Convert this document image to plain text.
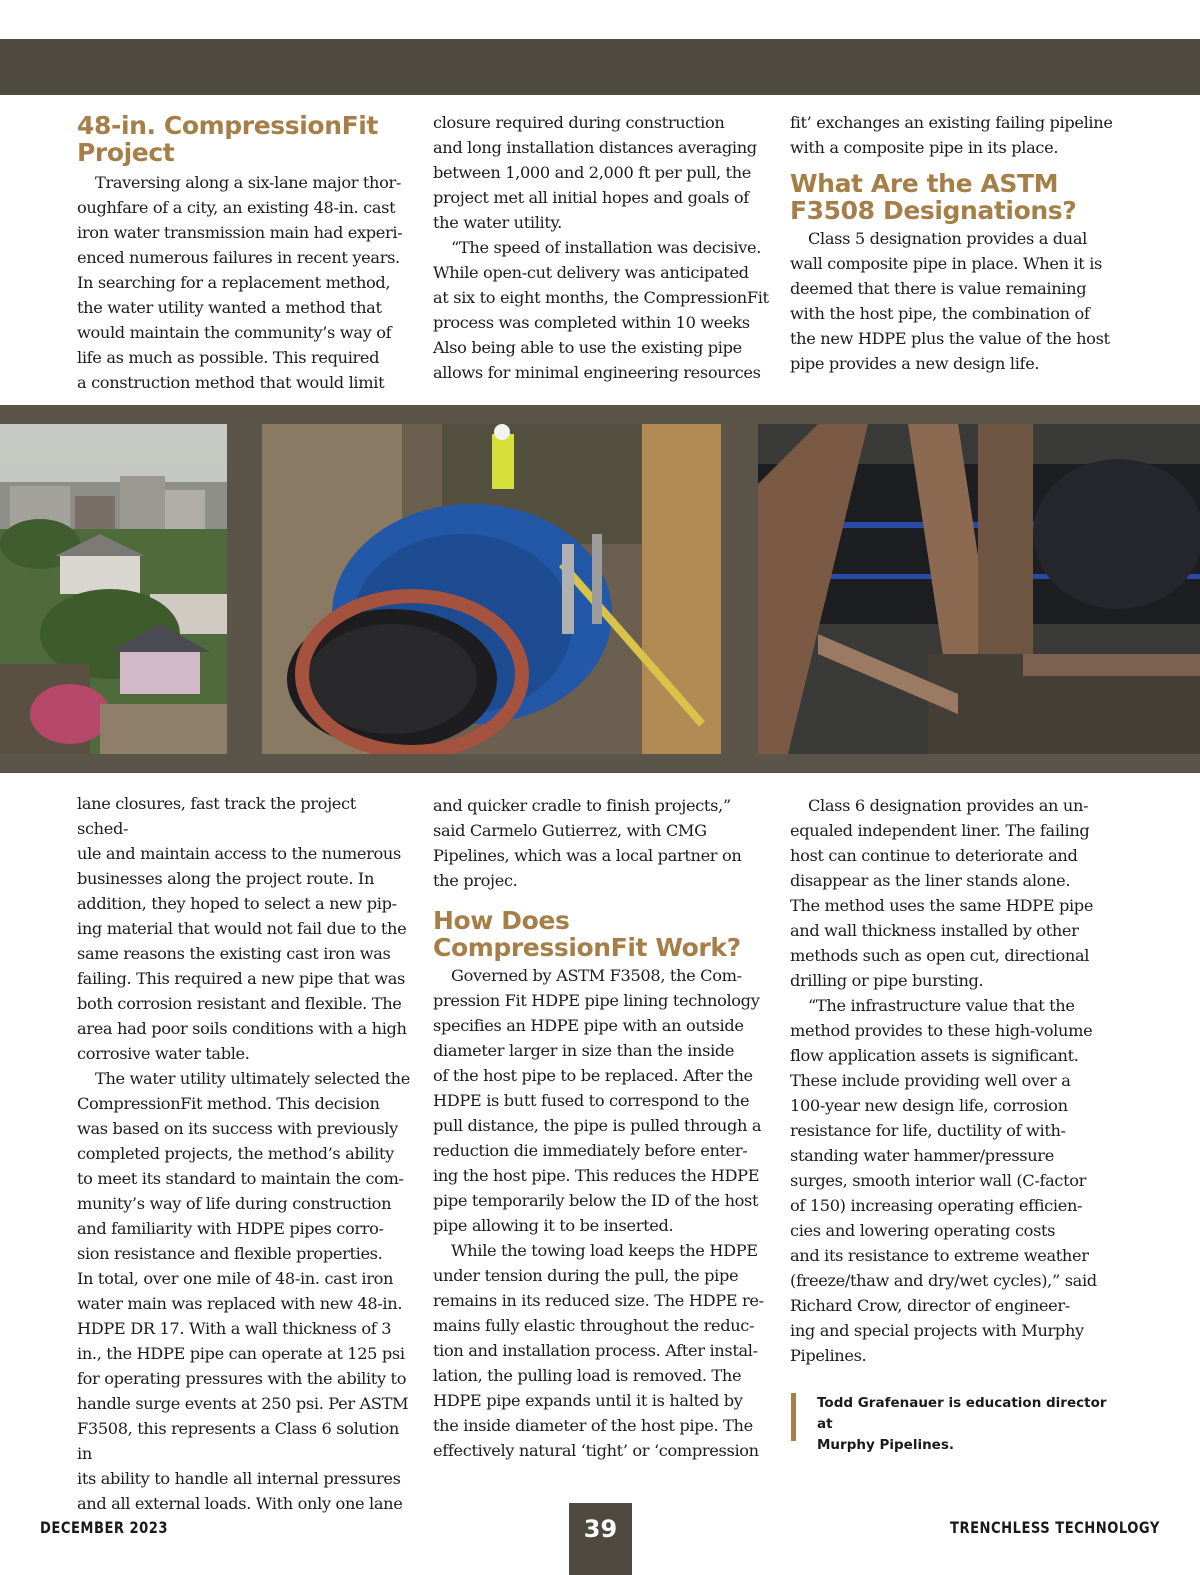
48-in. CompressionFit Project

Traversing along a six-lane major thor-
oughfare of a city, an existing 48-in. cast
iron water transmission main had experi-
enced numerous failures in recent years.
In searching for a replacement method,
the water utility wanted a method that
would maintain the community’s way of
life as much as possible. This required
a construction method that would limit
closure required during construction
and long installation distances averaging
between 1,000 and 2,000 ft per pull, the
project met all initial hopes and goals of
the water utility.
“The speed of installation was decisive.
While open-cut delivery was anticipated
at six to eight months, the CompressionFit
process was completed within 10 weeks
Also being able to use the existing pipe
allows for minimal engineering resources
fit’ exchanges an existing failing pipeline
with a composite pipe in its place.

What Are the ASTM F3508 Designations?

Class 5 designation provides a dual
wall composite pipe in place. When it is
deemed that there is value remaining
with the host pipe, the combination of
the new HDPE plus the value of the host
pipe provides a new design life.
lane closures, fast track the project sched-
ule and maintain access to the numerous
businesses along the project route. In
addition, they hoped to select a new pip-
ing material that would not fail due to the
same reasons the existing cast iron was
failing. This required a new pipe that was
both corrosion resistant and flexible. The
area had poor soils conditions with a high
corrosive water table.
The water utility ultimately selected the
CompressionFit method. This decision
was based on its success with previously
completed projects, the method’s ability
to meet its standard to maintain the com-
munity’s way of life during construction
and familiarity with HDPE pipes corro-
sion resistance and flexible properties.
In total, over one mile of 48-in. cast iron
water main was replaced with new 48-in.
HDPE DR 17. With a wall thickness of 3
in., the HDPE pipe can operate at 125 psi
for operating pressures with the ability to
handle surge events at 250 psi. Per ASTM
F3508, this represents a Class 6 solution in
its ability to handle all internal pressures
and all external loads. With only one lane
and quicker cradle to finish projects,”
said Carmelo Gutierrez, with CMG
Pipelines, which was a local partner on
the projec.

How Does CompressionFit Work?

Governed by ASTM F3508, the Com-
pression Fit HDPE pipe lining technology
specifies an HDPE pipe with an outside
diameter larger in size than the inside
of the host pipe to be replaced. After the
HDPE is butt fused to correspond to the
pull distance, the pipe is pulled through a
reduction die immediately before enter-
ing the host pipe. This reduces the HDPE
pipe temporarily below the ID of the host
pipe allowing it to be inserted.
While the towing load keeps the HDPE
under tension during the pull, the pipe
remains in its reduced size. The HDPE re-
mains fully elastic throughout the reduc-
tion and installation process. After instal-
lation, the pulling load is removed. The
HDPE pipe expands until it is halted by
the inside diameter of the host pipe. The
effectively natural ‘tight’ or ‘compression
Class 6 designation provides an un-
equaled independent liner. The failing
host can continue to deteriorate and
disappear as the liner stands alone.
The method uses the same HDPE pipe
and wall thickness installed by other
methods such as open cut, directional
drilling or pipe bursting.
“The infrastructure value that the
method provides to these high-volume
flow application assets is significant.
These include providing well over a
100-year new design life, corrosion
resistance for life, ductility of with-
standing water hammer/pressure
surges, smooth interior wall (C-factor
of 150) increasing operating efficien-
cies and lowering operating costs
and its resistance to extreme weather
(freeze/thaw and dry/wet cycles),” said
Richard Crow, director of engineer-
ing and special projects with Murphy
Pipelines.
Todd Grafenauer is education director at
Murphy Pipelines.
DECEMBER 2023	39	TRENCHLESS TECHNOLOGY
